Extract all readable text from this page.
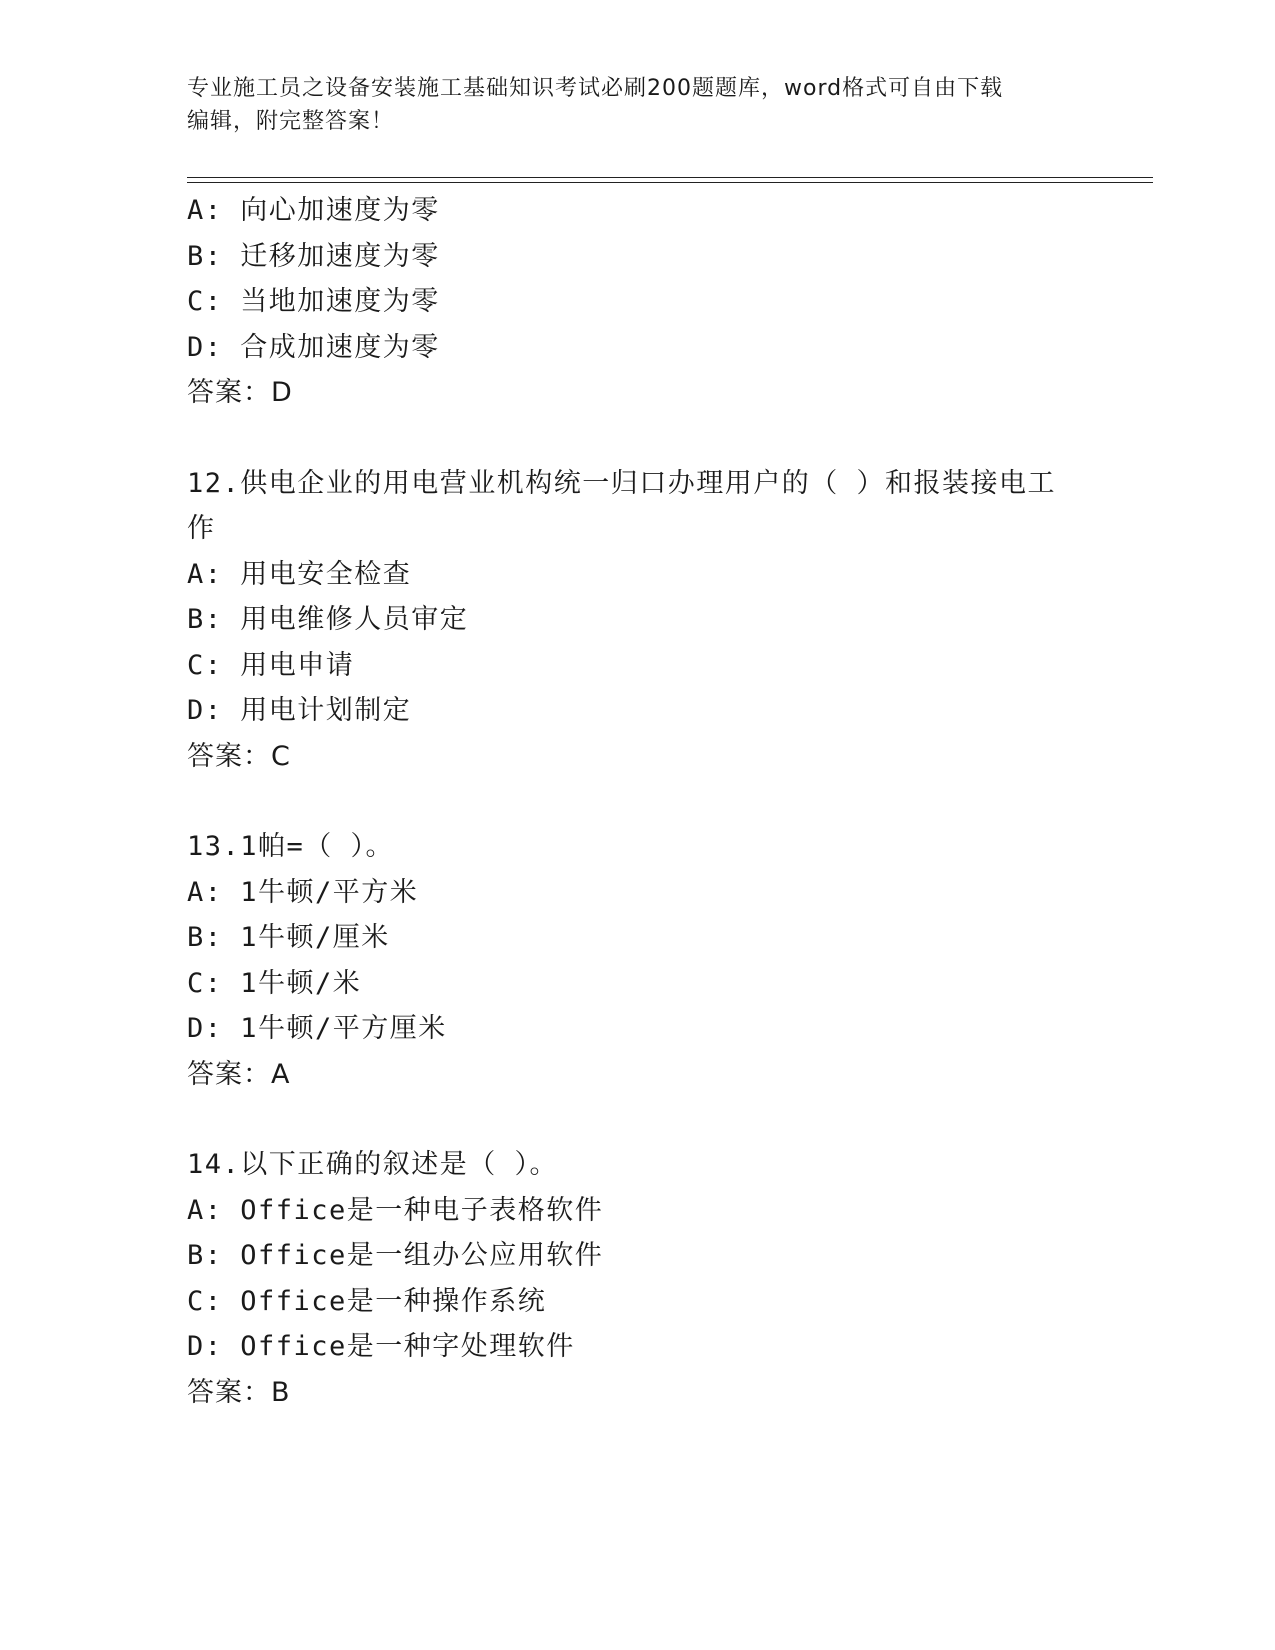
专业施工员之设备安装施工基础知识考试必刷200题题库，word格式可自由下载
编辑，附完整答案！
A: 向心加速度为零
B: 迁移加速度为零
C: 当地加速度为零
D: 合成加速度为零
答案：D
12.供电企业的用电营业机构统一归口办理用户的（ ）和报装接电工作
A: 用电安全检查
B: 用电维修人员审定
C: 用电申请
D: 用电计划制定
答案：C
13.1帕=（ ）。
A: 1牛顿/平方米
B: 1牛顿/厘米
C: 1牛顿/米
D: 1牛顿/平方厘米
答案：A
14.以下正确的叙述是（ ）。
A: Office是一种电子表格软件
B: Office是一组办公应用软件
C: Office是一种操作系统
D: Office是一种字处理软件
答案：B
